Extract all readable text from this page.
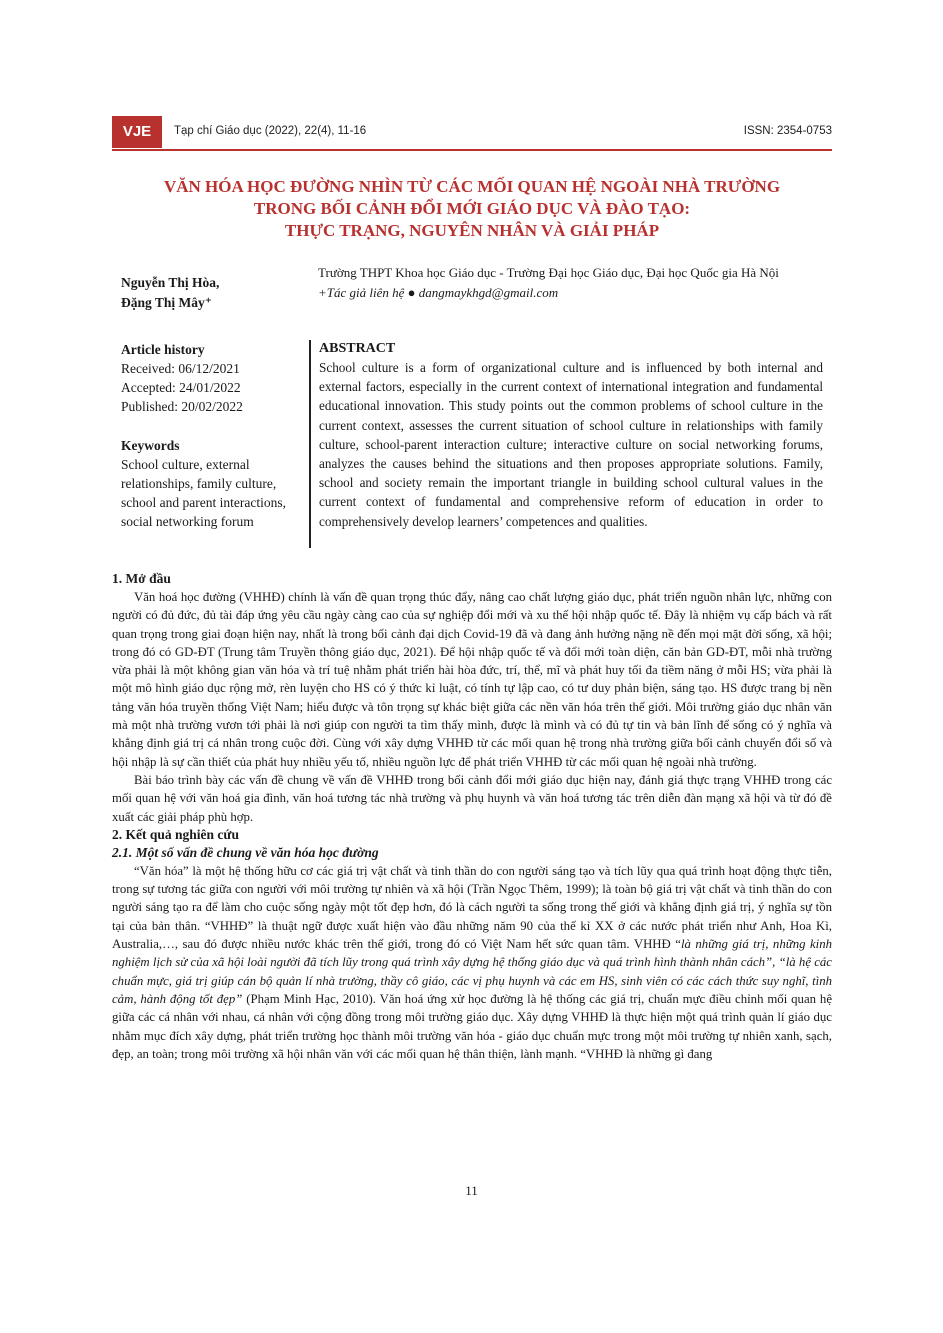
VJE	Tạp chí Giáo dục (2022), 22(4), 11-16	ISSN: 2354-0753
VĂN HÓA HỌC ĐƯỜNG NHÌN TỪ CÁC MỐI QUAN HỆ NGOÀI NHÀ TRƯỜNG
TRONG BỐI CẢNH ĐỔI MỚI GIÁO DỤC VÀ ĐÀO TẠO:
THỰC TRẠNG, NGUYÊN NHÂN VÀ GIẢI PHÁP
Nguyễn Thị Hòa,
Đặng Thị Mây⁺
Trường THPT Khoa học Giáo dục - Trường Đại học Giáo dục, Đại học Quốc gia Hà Nội
+Tác giả liên hệ ● dangmaykhgd@gmail.com
Article history
Received: 06/12/2021
Accepted: 24/01/2022
Published: 20/02/2022
Keywords
School culture, external relationships, family culture, school and parent interactions, social networking forum
ABSTRACT
School culture is a form of organizational culture and is influenced by both internal and external factors, especially in the current context of international integration and fundamental educational innovation. This study points out the common problems of school culture in the current context, assesses the current situation of school culture in relationships with family culture, school-parent interaction culture; interactive culture on social networking forums, analyzes the causes behind the situations and then proposes appropriate solutions. Family, school and society remain the important triangle in building school cultural values in the current context of fundamental and comprehensive reform of education in order to comprehensively develop learners’ competences and qualities.
1. Mở đầu

Văn hoá học đường (VHHĐ) chính là vấn đề quan trọng thúc đẩy, nâng cao chất lượng giáo dục, phát triển nguồn nhân lực, những con người có đủ đức, đủ tài đáp ứng yêu cầu ngày càng cao của sự nghiệp đổi mới và xu thế hội nhập quốc tế. Đây là nhiệm vụ cấp bách và rất quan trọng trong giai đoạn hiện nay, nhất là trong bối cảnh đại dịch Covid-19 đã và đang ảnh hưởng nặng nề đến mọi mặt đời sống, xã hội; trong đó có GD-ĐT (Trung tâm Truyền thông giáo dục, 2021). Để hội nhập quốc tế và đổi mới toàn diện, căn bản GD-ĐT, mỗi nhà trường vừa phải là một không gian văn hóa và trí tuệ nhằm phát triển hài hòa đức, trí, thể, mĩ và phát huy tối đa tiềm năng ở mỗi HS; vừa phải là một mô hình giáo dục rộng mở, rèn luyện cho HS có ý thức kỉ luật, có tính tự lập cao, có tư duy phản biện, sáng tạo. HS được trang bị nền tảng văn hóa truyền thống Việt Nam; hiểu được và tôn trọng sự khác biệt giữa các nền văn hóa trên thế giới. Môi trường giáo dục nhân văn mà một nhà trường vươn tới phải là nơi giúp con người ta tìm thấy mình, được là mình và có đủ tự tin và bản lĩnh để sống có ý nghĩa và khẳng định giá trị cá nhân trong cuộc đời. Cùng với xây dựng VHHĐ từ các mối quan hệ trong nhà trường giữa bối cảnh chuyển đổi số và hội nhập là sự cần thiết của phát huy nhiều yếu tố, nhiều nguồn lực để phát triển VHHĐ từ các mối quan hệ ngoài nhà trường.

Bài báo trình bày các vấn đề chung về vấn đề VHHĐ trong bối cảnh đổi mới giáo dục hiện nay, đánh giá thực trạng VHHĐ trong các mối quan hệ với văn hoá gia đình, văn hoá tương tác nhà trường và phụ huynh và văn hoá tương tác trên diễn đàn mạng xã hội và từ đó đề xuất các giải pháp phù hợp.

2. Kết quả nghiên cứu
2.1. Một số vấn đề chung về văn hóa học đường

“Văn hóa” là một hệ thống hữu cơ các giá trị vật chất và tinh thần do con người sáng tạo và tích lũy qua quá trình hoạt động thực tiễn, trong sự tương tác giữa con người với môi trường tự nhiên và xã hội (Trần Ngọc Thêm, 1999); là toàn bộ giá trị vật chất và tinh thần do con người sáng tạo ra để làm cho cuộc sống ngày một tốt đẹp hơn, đó là cách người ta sống trong thế giới và khẳng định giá trị, ý nghĩa sự tồn tại của bản thân. “VHHĐ” là thuật ngữ được xuất hiện vào đầu những năm 90 của thế kỉ XX ở các nước phát triển như Anh, Hoa Kì, Australia,…, sau đó được nhiều nước khác trên thế giới, trong đó có Việt Nam hết sức quan tâm. VHHĐ “là những giá trị, những kinh nghiệm lịch sử của xã hội loài người đã tích lũy trong quá trình xây dựng hệ thống giáo dục và quá trình hình thành nhân cách”, “là hệ các chuẩn mực, giá trị giúp cán bộ quản lí nhà trường, thầy cô giáo, các vị phụ huynh và các em HS, sinh viên có các cách thức suy nghĩ, tình cảm, hành động tốt đẹp” (Phạm Minh Hạc, 2010). Văn hoá ứng xử học đường là hệ thống các giá trị, chuẩn mực điều chỉnh mối quan hệ giữa các cá nhân với nhau, cá nhân với cộng đồng trong môi trường giáo dục. Xây dựng VHHĐ là thực hiện một quá trình quản lí giáo dục nhằm mục đích xây dựng, phát triển trường học thành môi trường văn hóa - giáo dục chuẩn mực trong một môi trường tự nhiên xanh, sạch, đẹp, an toàn; trong môi trường xã hội nhân văn với các mối quan hệ thân thiện, lành mạnh. “VHHĐ là những gì đang

11
